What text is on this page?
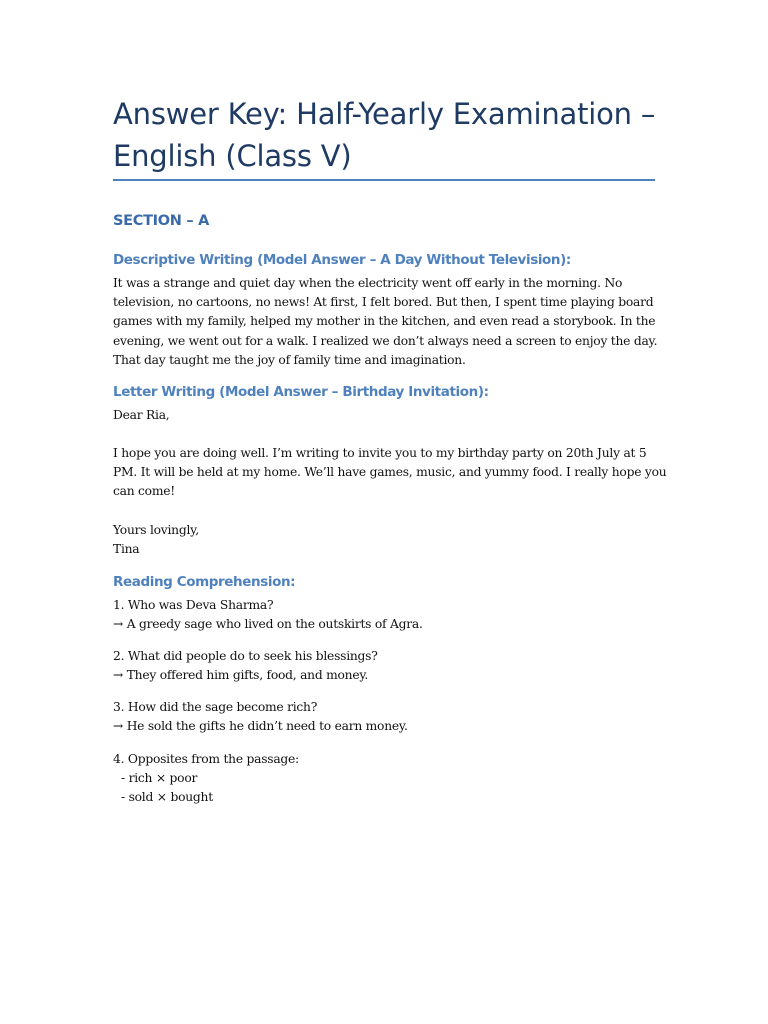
Answer Key: Half-Yearly Examination –
English (Class V)
SECTION – A
Descriptive Writing (Model Answer – A Day Without Television):
It was a strange and quiet day when the electricity went off early in the morning. No
television, no cartoons, no news! At first, I felt bored. But then, I spent time playing board
games with my family, helped my mother in the kitchen, and even read a storybook. In the
evening, we went out for a walk. I realized we don’t always need a screen to enjoy the day.
That day taught me the joy of family time and imagination.
Letter Writing (Model Answer – Birthday Invitation):
Dear Ria,
I hope you are doing well. I’m writing to invite you to my birthday party on 20th July at 5
PM. It will be held at my home. We’ll have games, music, and yummy food. I really hope you
can come!
Yours lovingly,
Tina
Reading Comprehension:
1. Who was Deva Sharma?
→ A greedy sage who lived on the outskirts of Agra.
2. What did people do to seek his blessings?
→ They offered him gifts, food, and money.
3. How did the sage become rich?
→ He sold the gifts he didn’t need to earn money.
4. Opposites from the passage:
- rich × poor
- sold × bought
